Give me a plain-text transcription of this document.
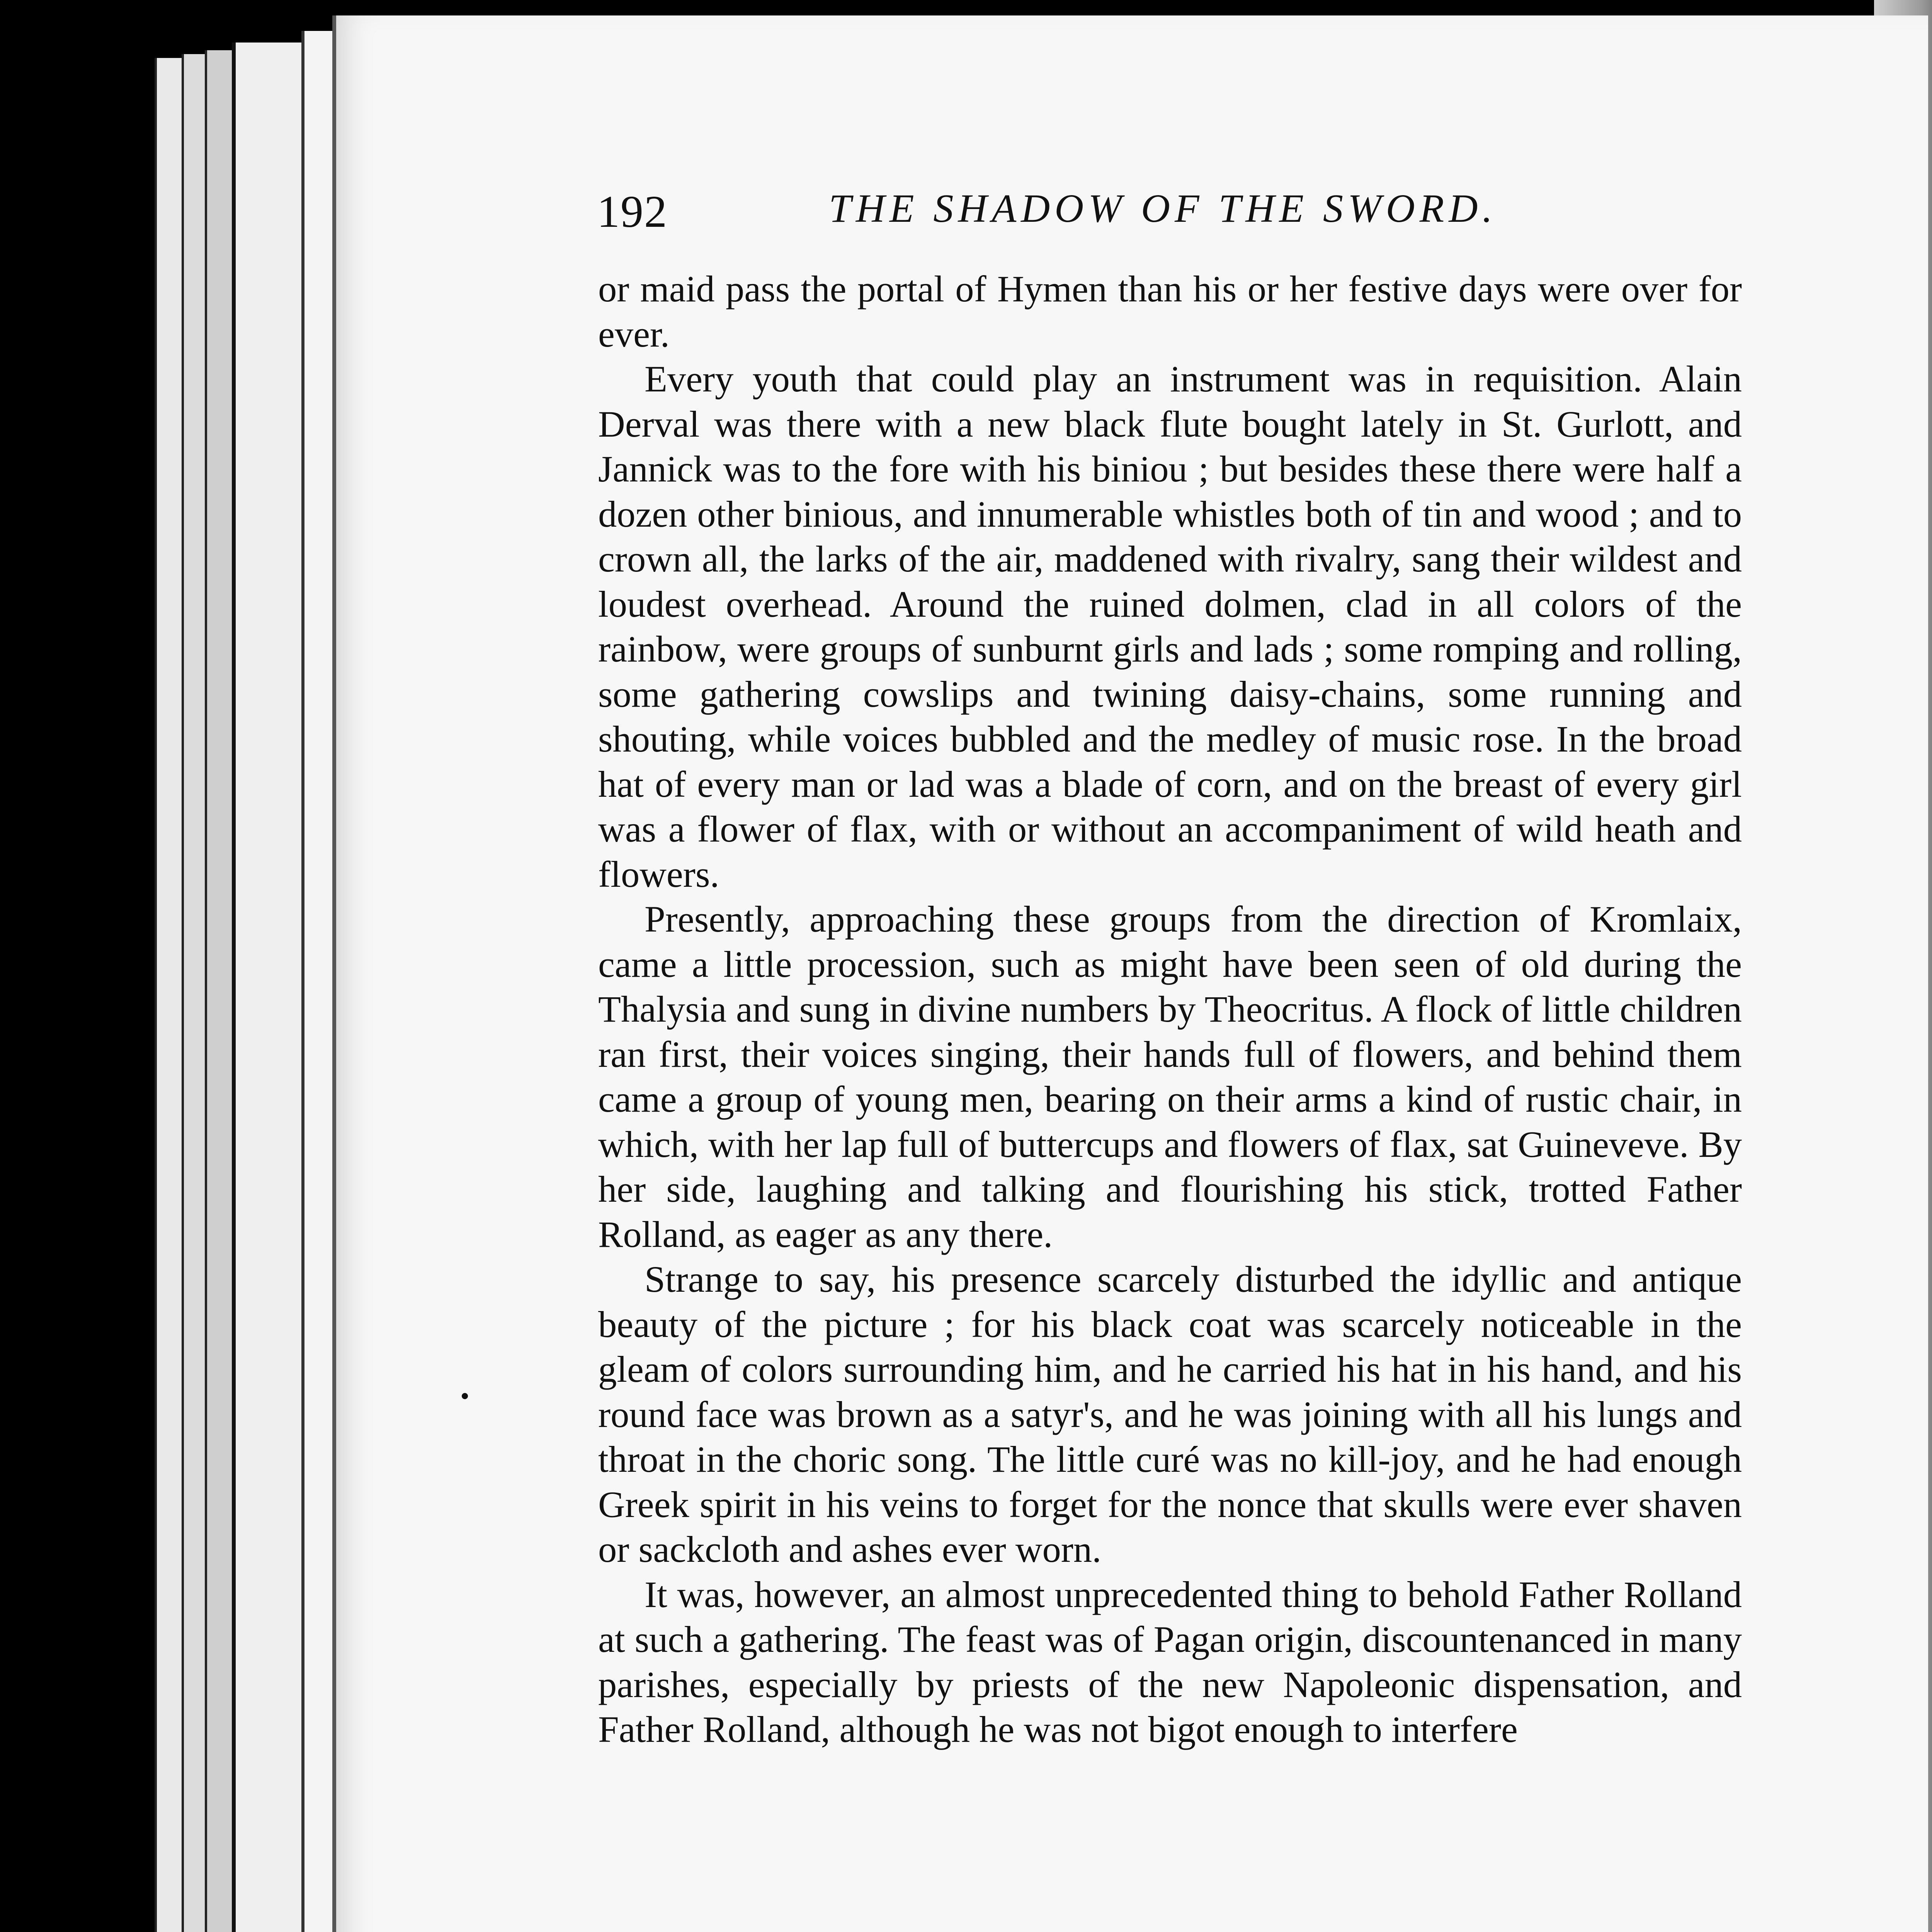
192	THE SHADOW OF THE SWORD.

or maid pass the portal of Hymen than his or her festive days were over for ever.

Every youth that could play an instrument was in requisition. Alain Derval was there with a new black flute bought lately in St. Gurlott, and Jannick was to the fore with his biniou ; but besides these there were half a dozen other binious, and innumerable whistles both of tin and wood ; and to crown all, the larks of the air, maddened with rivalry, sang their wildest and loudest overhead. Around the ruined dolmen, clad in all colors of the rainbow, were groups of sunburnt girls and lads ; some romping and rolling, some gathering cowslips and twining daisy-chains, some running and shouting, while voices bubbled and the medley of music rose. In the broad hat of every man or lad was a blade of corn, and on the breast of every girl was a flower of flax, with or without an accompaniment of wild heath and flowers.

Presently, approaching these groups from the direction of Kromlaix, came a little procession, such as might have been seen of old during the Thalysia and sung in divine numbers by Theocritus. A flock of little children ran first, their voices singing, their hands full of flowers, and behind them came a group of young men, bearing on their arms a kind of rustic chair, in which, with her lap full of buttercups and flowers of flax, sat Guineveve. By her side, laughing and talking and flourishing his stick, trotted Father Rolland, as eager as any there.

Strange to say, his presence scarcely disturbed the idyllic and antique beauty of the picture ; for his black coat was scarcely noticeable in the gleam of colors surrounding him, and he carried his hat in his hand, and his round face was brown as a satyr's, and he was joining with all his lungs and throat in the choric song. The little curé was no kill-joy, and he had enough Greek spirit in his veins to forget for the nonce that skulls were ever shaven or sackcloth and ashes ever worn.

It was, however, an almost unprecedented thing to behold Father Rolland at such a gathering. The feast was of Pagan origin, discountenanced in many parishes, especially by priests of the new Napoleonic dispensation, and Father Rolland, although he was not bigot enough to interfere
